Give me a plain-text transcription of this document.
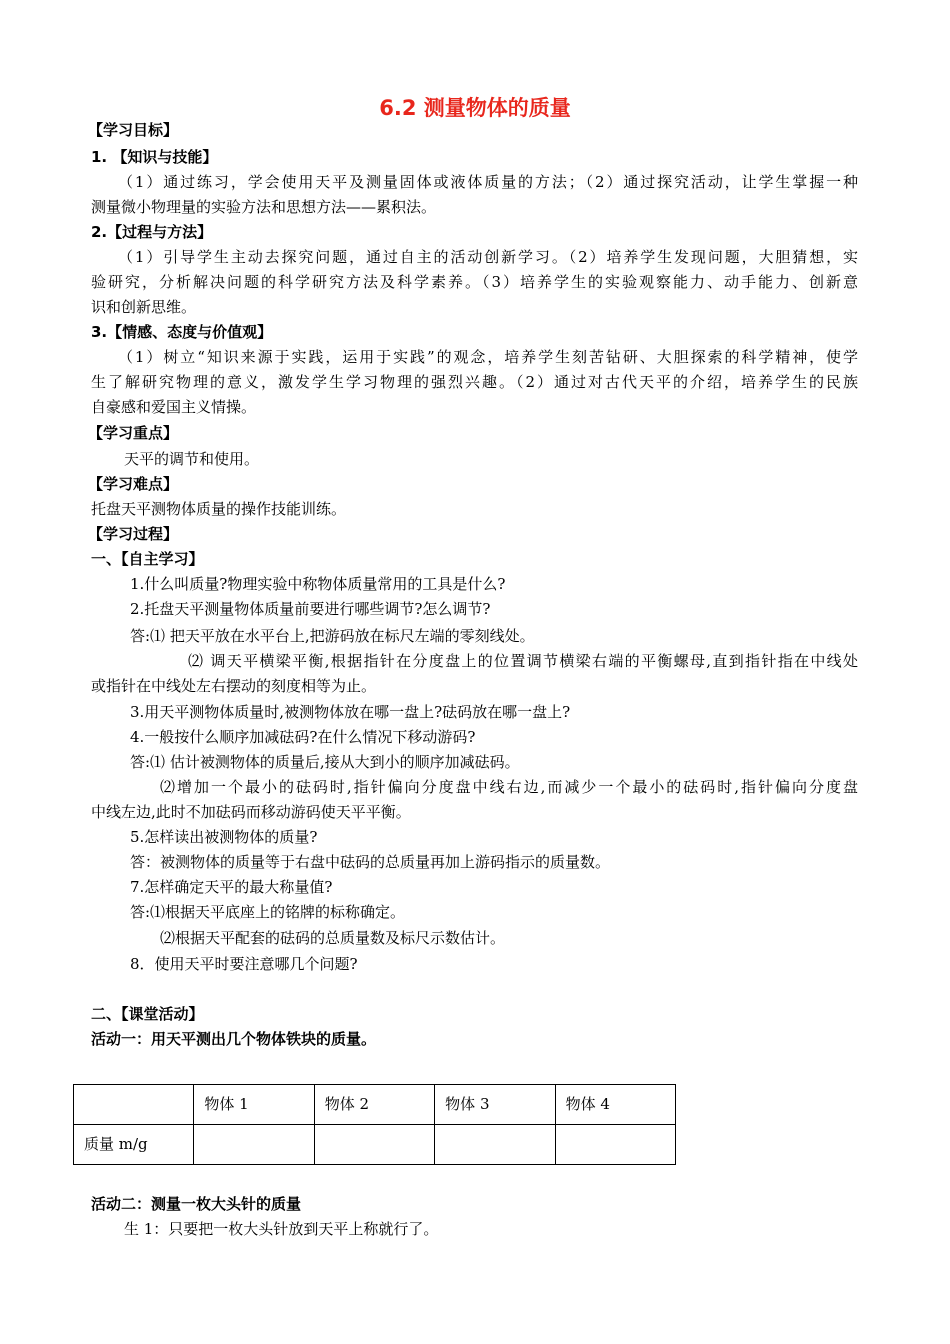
6.2 测量物体的质量
【学习目标】
1. 【知识与技能】
（1）通过练习，学会使用天平及测量固体或液体质量的方法；（2）通过探究活动，让学生掌握一种
测量微小物理量的实验方法和思想方法——累积法。
2.【过程与方法】
（1）引导学生主动去探究问题，通过自主的活动创新学习。（2）培养学生发现问题，大胆猜想，实
验研究，分析解决问题的科学研究方法及科学素养。（3）培养学生的实验观察能力、动手能力、创新意
识和创新思维。
3.【情感、态度与价值观】
（1）树立“知识来源于实践，运用于实践”的观念，培养学生刻苦钻研、大胆探索的科学精神，使学
生了解研究物理的意义，激发学生学习物理的强烈兴趣。（2）通过对古代天平的介绍，培养学生的民族
自豪感和爱国主义情操。
【学习重点】
天平的调节和使用。
【学习难点】
托盘天平测物体质量的操作技能训练。
【学习过程】
一、【自主学习】
1.什么叫质量?物理实验中称物体质量常用的工具是什么?
2.托盘天平测量物体质量前要进行哪些调节?怎么调节?
答:⑴ 把天平放在水平台上,把游码放在标尺左端的零刻线处。
⑵ 调天平横梁平衡,根据指针在分度盘上的位置调节横梁右端的平衡螺母,直到指针指在中线处
或指针在中线处左右摆动的刻度相等为止。
3.用天平测物体质量时,被测物体放在哪一盘上?砝码放在哪一盘上?
4.一般按什么顺序加减砝码?在什么情况下移动游码?
答:⑴ 估计被测物体的质量后,接从大到小的顺序加减砝码。
⑵增加一个最小的砝码时,指针偏向分度盘中线右边,而减少一个最小的砝码时,指针偏向分度盘
中线左边,此时不加砝码而移动游码使天平平衡。
5.怎样读出被测物体的质量?
答：被测物体的质量等于右盘中砝码的总质量再加上游码指示的质量数。
7.怎样确定天平的最大称量值?
答:⑴根据天平底座上的铭牌的标称确定。
⑵根据天平配套的砝码的总质量数及标尺示数估计。
8．使用天平时要注意哪几个问题?
二、【课堂活动】
活动一：用天平测出几个物体铁块的质量。
	物体 1	物体 2	物体 3	物体 4
质量 m/g				
活动二：测量一枚大头针的质量
生 1：只要把一枚大头针放到天平上称就行了。
